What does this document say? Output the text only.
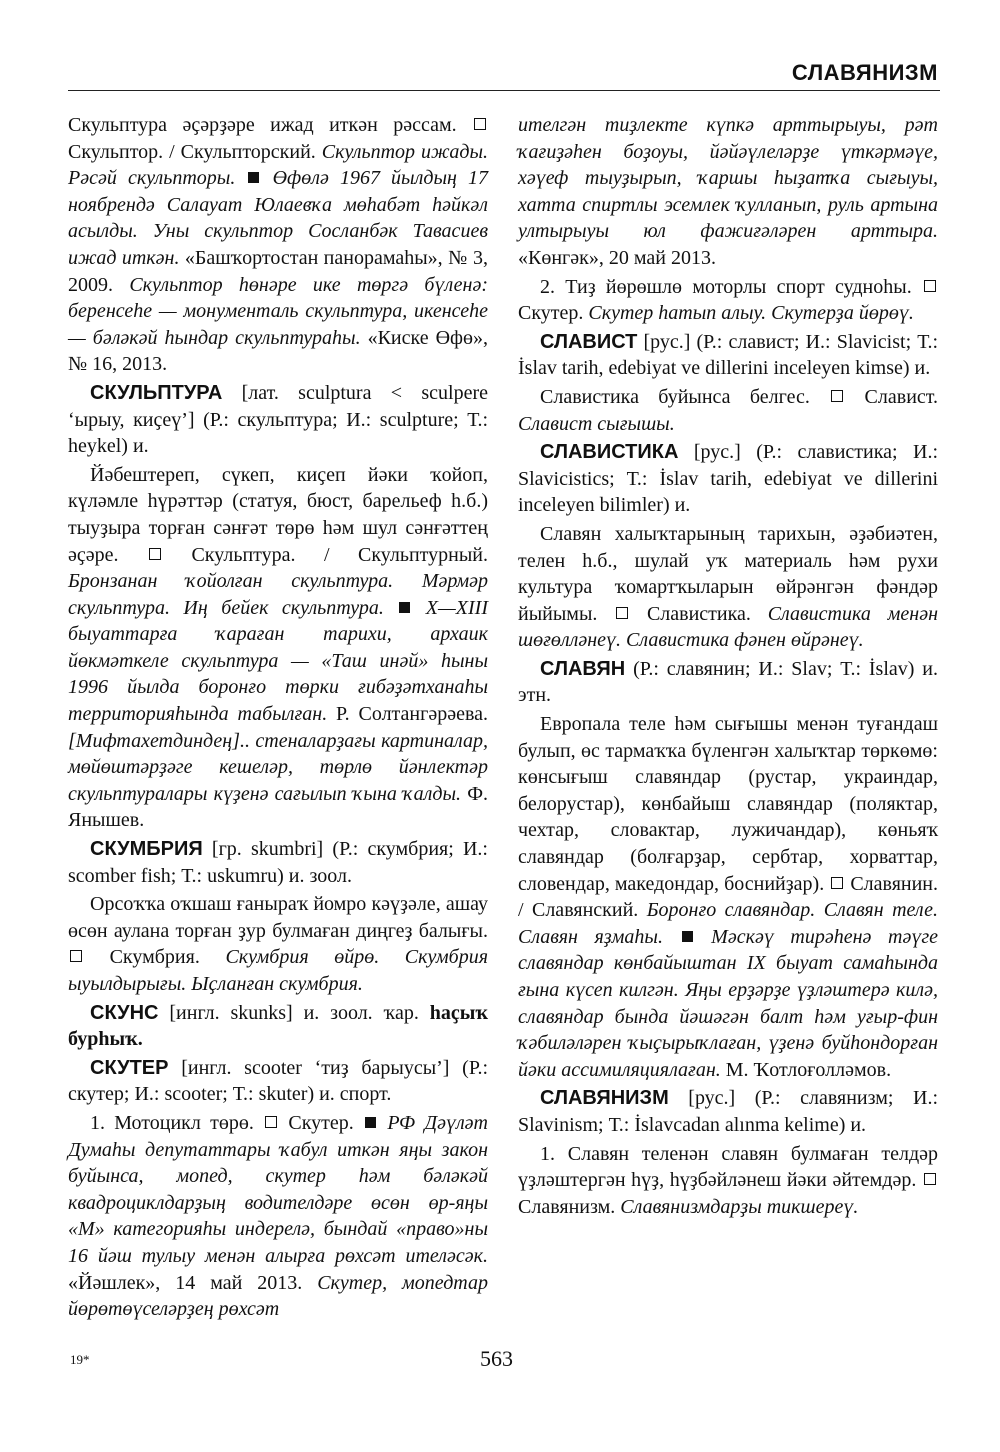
СЛАВЯНИЗМ

Скульптура әҫәрҙәре ижад иткән рәссам.  Скульптор. / Скульпторский. Скульптор ижады. Рәсәй скульпторы. Өфөлә 1967 йылдың 17 ноябрендә Салауат Юлаевҡа мөһабәт һәйкәл асылды. Уны скульптор Сосланбәк Тавасиев ижад иткән. «Башҡортостан панорамаһы», № 3, 2009. Скульптор һөнәре ике төргә бүленә: беренсеһе — монументаль скульптура, икенсеһе — бәләкәй һындар скульптураһы. «Киске Өфө», № 16, 2013.

СКУЛЬПТУРА [лат. sculptura < sculpere ‘ырыу, киҫеү’] (Р.: скульптура; И.: sculpture; Т.: heykel) и.

Йәбештереп, сүкеп, киҫеп йәки ҡойоп, күләмле һүрәттәр (статуя, бюст, барельеф һ.б.) тыуҙыра торған сәнғәт төрө һәм шул сәнғәттең әҫәре.	Скульптура. / Скульптурный. Бронзанан ҡойолған скульптура. Мәрмәр скульптура. Иң бейек скульптура. X—XIII быуаттарға ҡараған тарихи, архаик йөкмәткеле скульптура — «Таш инәй» һыны 1996 йылда боронғо төрки ғибәҙәтханаһы территорияһында табылған. Р. Солтангәрәева. [Мифтахетдиндең].. стеналарҙағы картиналар, мөйөштәрҙәге кешеләр, төрлө йәнлектәр скульптуралары күҙенә сағылып ҡына ҡалды. Ф. Янышев.

СКУМБРИЯ [гр. skumbri] (Р.: скумбрия; И.: scomber fish; Т.: uskumru) и. зоол.

Орсоҡҡа оҡшаш ғаныраҡ йомро кәүҙәле, ашау өсөн аулана торған ҙур булмаған диңгеҙ балығы.  Скумбрия. Скумбрия өйрө. Скумбрия ыуылдырығы. Ыҫланған скумбрия.

СКУНС [ингл. skunks] и. зоол. ҡар. һаҫыҡ бурһыҡ.

СКУТЕР [ингл. scooter ‘тиҙ барыусы’] (Р.: скутер; И.: scooter; Т.: skuter) и. спорт.

1. Мотоцикл төрө. Скутер. РФ Дәүләт Думаһы депутаттары ҡабул иткән яңы закон буйынса, мопед, скутер һәм бәләкәй квадроциклдарҙың водителдәре өсөн өр-яңы «М» категорияһы индерелә, бындай «право»ны 16 йәш тулыу менән алырға рөхсәт ителәсәк. «Йәшлек», 14 май 2013. Скутер, мопедтар йөрөтөүселәрҙең рөхсәт

ителгән тиҙлекте күпкә арттырыуы, рәт ҡағиҙәһен боҙоуы, йәйәүлеләрҙе үткәрмәүе, хәүеф тыуҙырып, ҡаршы һыҙатҡа сығыуы, хатта спиртлы эсемлек ҡулланып, руль артына ултырыуы юл фажиғәләрен арттыра. «Көнгәк», 20 май 2013.

2. Тиҙ йөрөшлө моторлы спорт судноһы.  Скутер. Скутер һатып алыу. Скутерҙа йөрөү.

СЛАВИСТ [рус.] (Р.: славист; И.: Slavicist; Т.: İslav tarih, edebiyat ve dillerini inceleyen kimse) и.

Славистика буйынса белгес.	Славист. Славист сығышы.

СЛАВИСТИКА [рус.] (Р.: славистика; И.: Slavicistics; Т.: İslav tarih, edebiyat ve dillerini inceleyen bilimler) и.

Славян халыҡтарының тарихын, әҙәбиәтен, телен һ.б., шулай уҡ материаль һәм рухи культура ҡомартҡыларын өйрәнгән фәндәр йыйымы. Славистика. Славистика менән шөғөлләнеү. Славистика фәнен өйрәнеү.

СЛАВЯН (Р.: славянин; И.: Slav; Т.: İslav) и. этн.

Европала теле һәм сығышы менән туғандаш булып, өс тармаҡҡа бүленгән халыҡтар төркөмө: көнсығыш славяндар (рустар, украиндар, белорустар), көнбайыш славяндар (поляктар, чехтар, словактар, лужичандар), көньяҡ славяндар (болғарҙар, сербтар, хорваттар, словендар, македондар, боснийҙар). Славянин. / Славянский. Боронғо славяндар. Славян теле. Славян яҙмаһы. Мәскәү тирәһенә тәүге славяндар көнбайыштан IX быуат самаһында ғына күсеп килгән. Яңы ерҙәрҙе үҙләштерә килә, славяндар бында йәшәгән балт һәм уғыр-фин ҡәбиләләрен ҡыҫырыҡлаған, үҙенә буйһондорған йәки ассимиляциялаған. М. Ҡотлоғолләмов.

СЛАВЯНИЗМ [рус.] (Р.: славянизм; И.: Slavinism; Т.: İslavcadan alınma kelime) и.

1. Славян теленән славян булмаған телдәр үҙләштергән һүҙ, һүҙбәйләнеш йәки әйтемдәр.  Славянизм. Славянизмдарҙы тикшереү.

19*	563
